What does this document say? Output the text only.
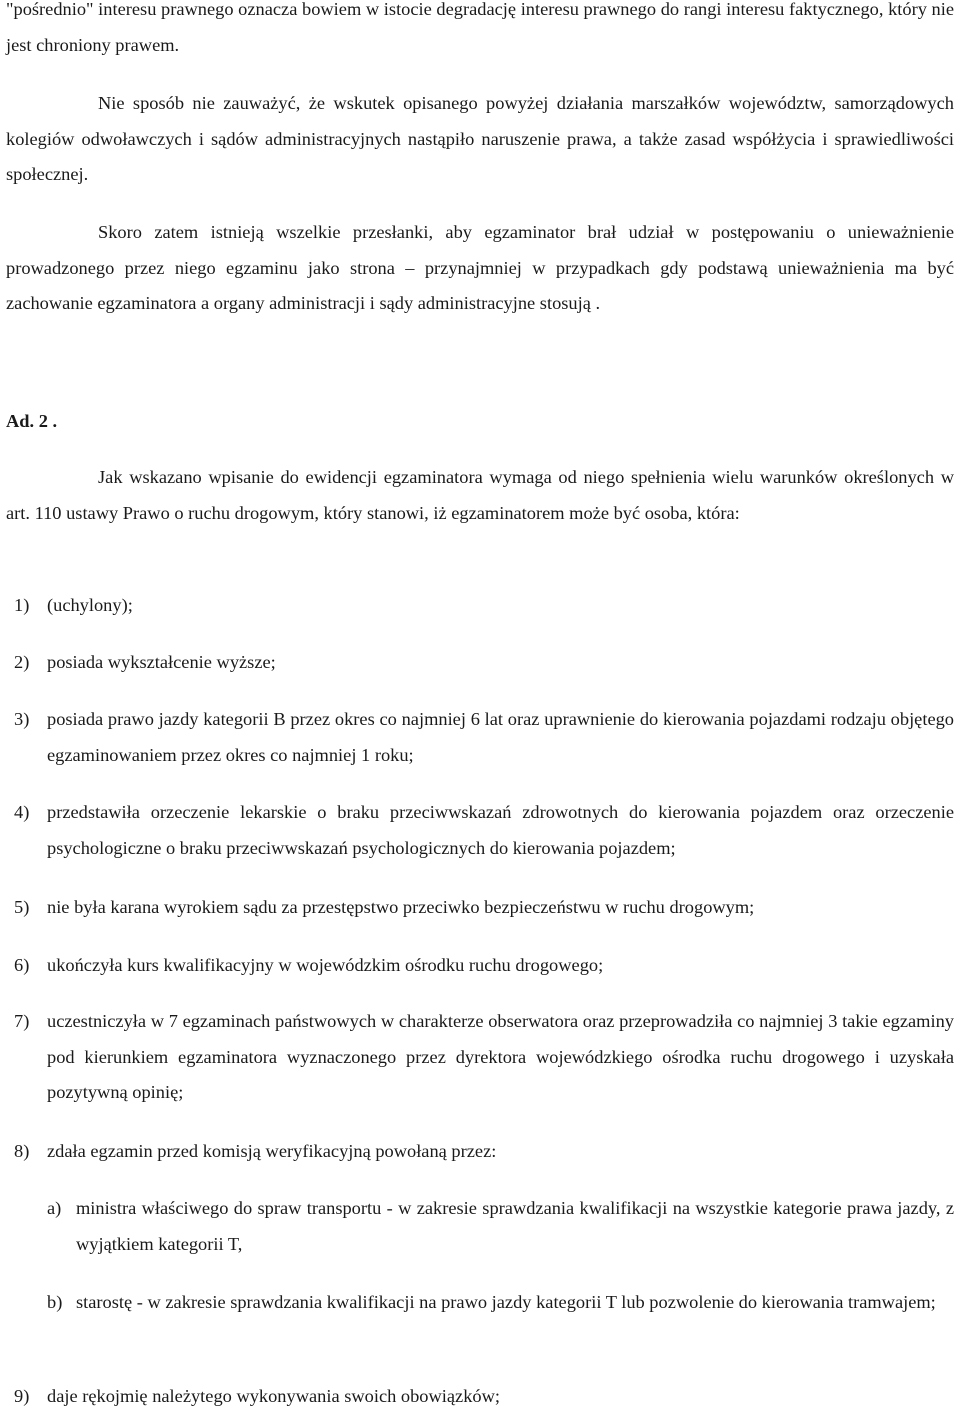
"pośrednio" interesu prawnego oznacza bowiem w istocie degradację interesu prawnego do rangi interesu faktycznego, który nie jest chroniony prawem.

Nie sposób nie zauważyć, że wskutek opisanego powyżej działania marszałków województw, samorządowych kolegiów odwoławczych i sądów administracyjnych nastąpiło naruszenie prawa, a także zasad współżycia i sprawiedliwości społecznej.

Skoro zatem istnieją wszelkie przesłanki, aby egzaminator brał udział w postępowaniu o unieważnienie prowadzonego przez niego egzaminu jako strona – przynajmniej w przypadkach gdy podstawą unieważnienia ma być zachowanie egzaminatora a organy administracji i sądy administracyjne stosują .

Ad. 2 .

Jak wskazano wpisanie do ewidencji egzaminatora wymaga od niego spełnienia wielu warunków określonych w art. 110 ustawy Prawo o ruchu drogowym, który stanowi, iż egzaminatorem może być osoba, która:

1) (uchylony);
2) posiada wykształcenie wyższe;
3) posiada prawo jazdy kategorii B przez okres co najmniej 6 lat oraz uprawnienie do kierowania pojazdami rodzaju objętego egzaminowaniem przez okres co najmniej 1 roku;
4) przedstawiła orzeczenie lekarskie o braku przeciwwskazań zdrowotnych do kierowania pojazdem oraz orzeczenie psychologiczne o braku przeciwwskazań psychologicznych do kierowania pojazdem;
5) nie była karana wyrokiem sądu za przestępstwo przeciwko bezpieczeństwu w ruchu drogowym;
6) ukończyła kurs kwalifikacyjny w wojewódzkim ośrodku ruchu drogowego;
7) uczestniczyła w 7 egzaminach państwowych w charakterze obserwatora oraz przeprowadziła co najmniej 3 takie egzaminy pod kierunkiem egzaminatora wyznaczonego przez dyrektora wojewódzkiego ośrodka ruchu drogowego i uzyskała pozytywną opinię;
8) zdała egzamin przed komisją weryfikacyjną powołaną przez:
a) ministra właściwego do spraw transportu - w zakresie sprawdzania kwalifikacji na wszystkie kategorie prawa jazdy, z wyjątkiem kategorii T,
b) starostę - w zakresie sprawdzania kwalifikacji na prawo jazdy kategorii T lub pozwolenie do kierowania tramwajem;
9) daje rękojmię należytego wykonywania swoich obowiązków;
